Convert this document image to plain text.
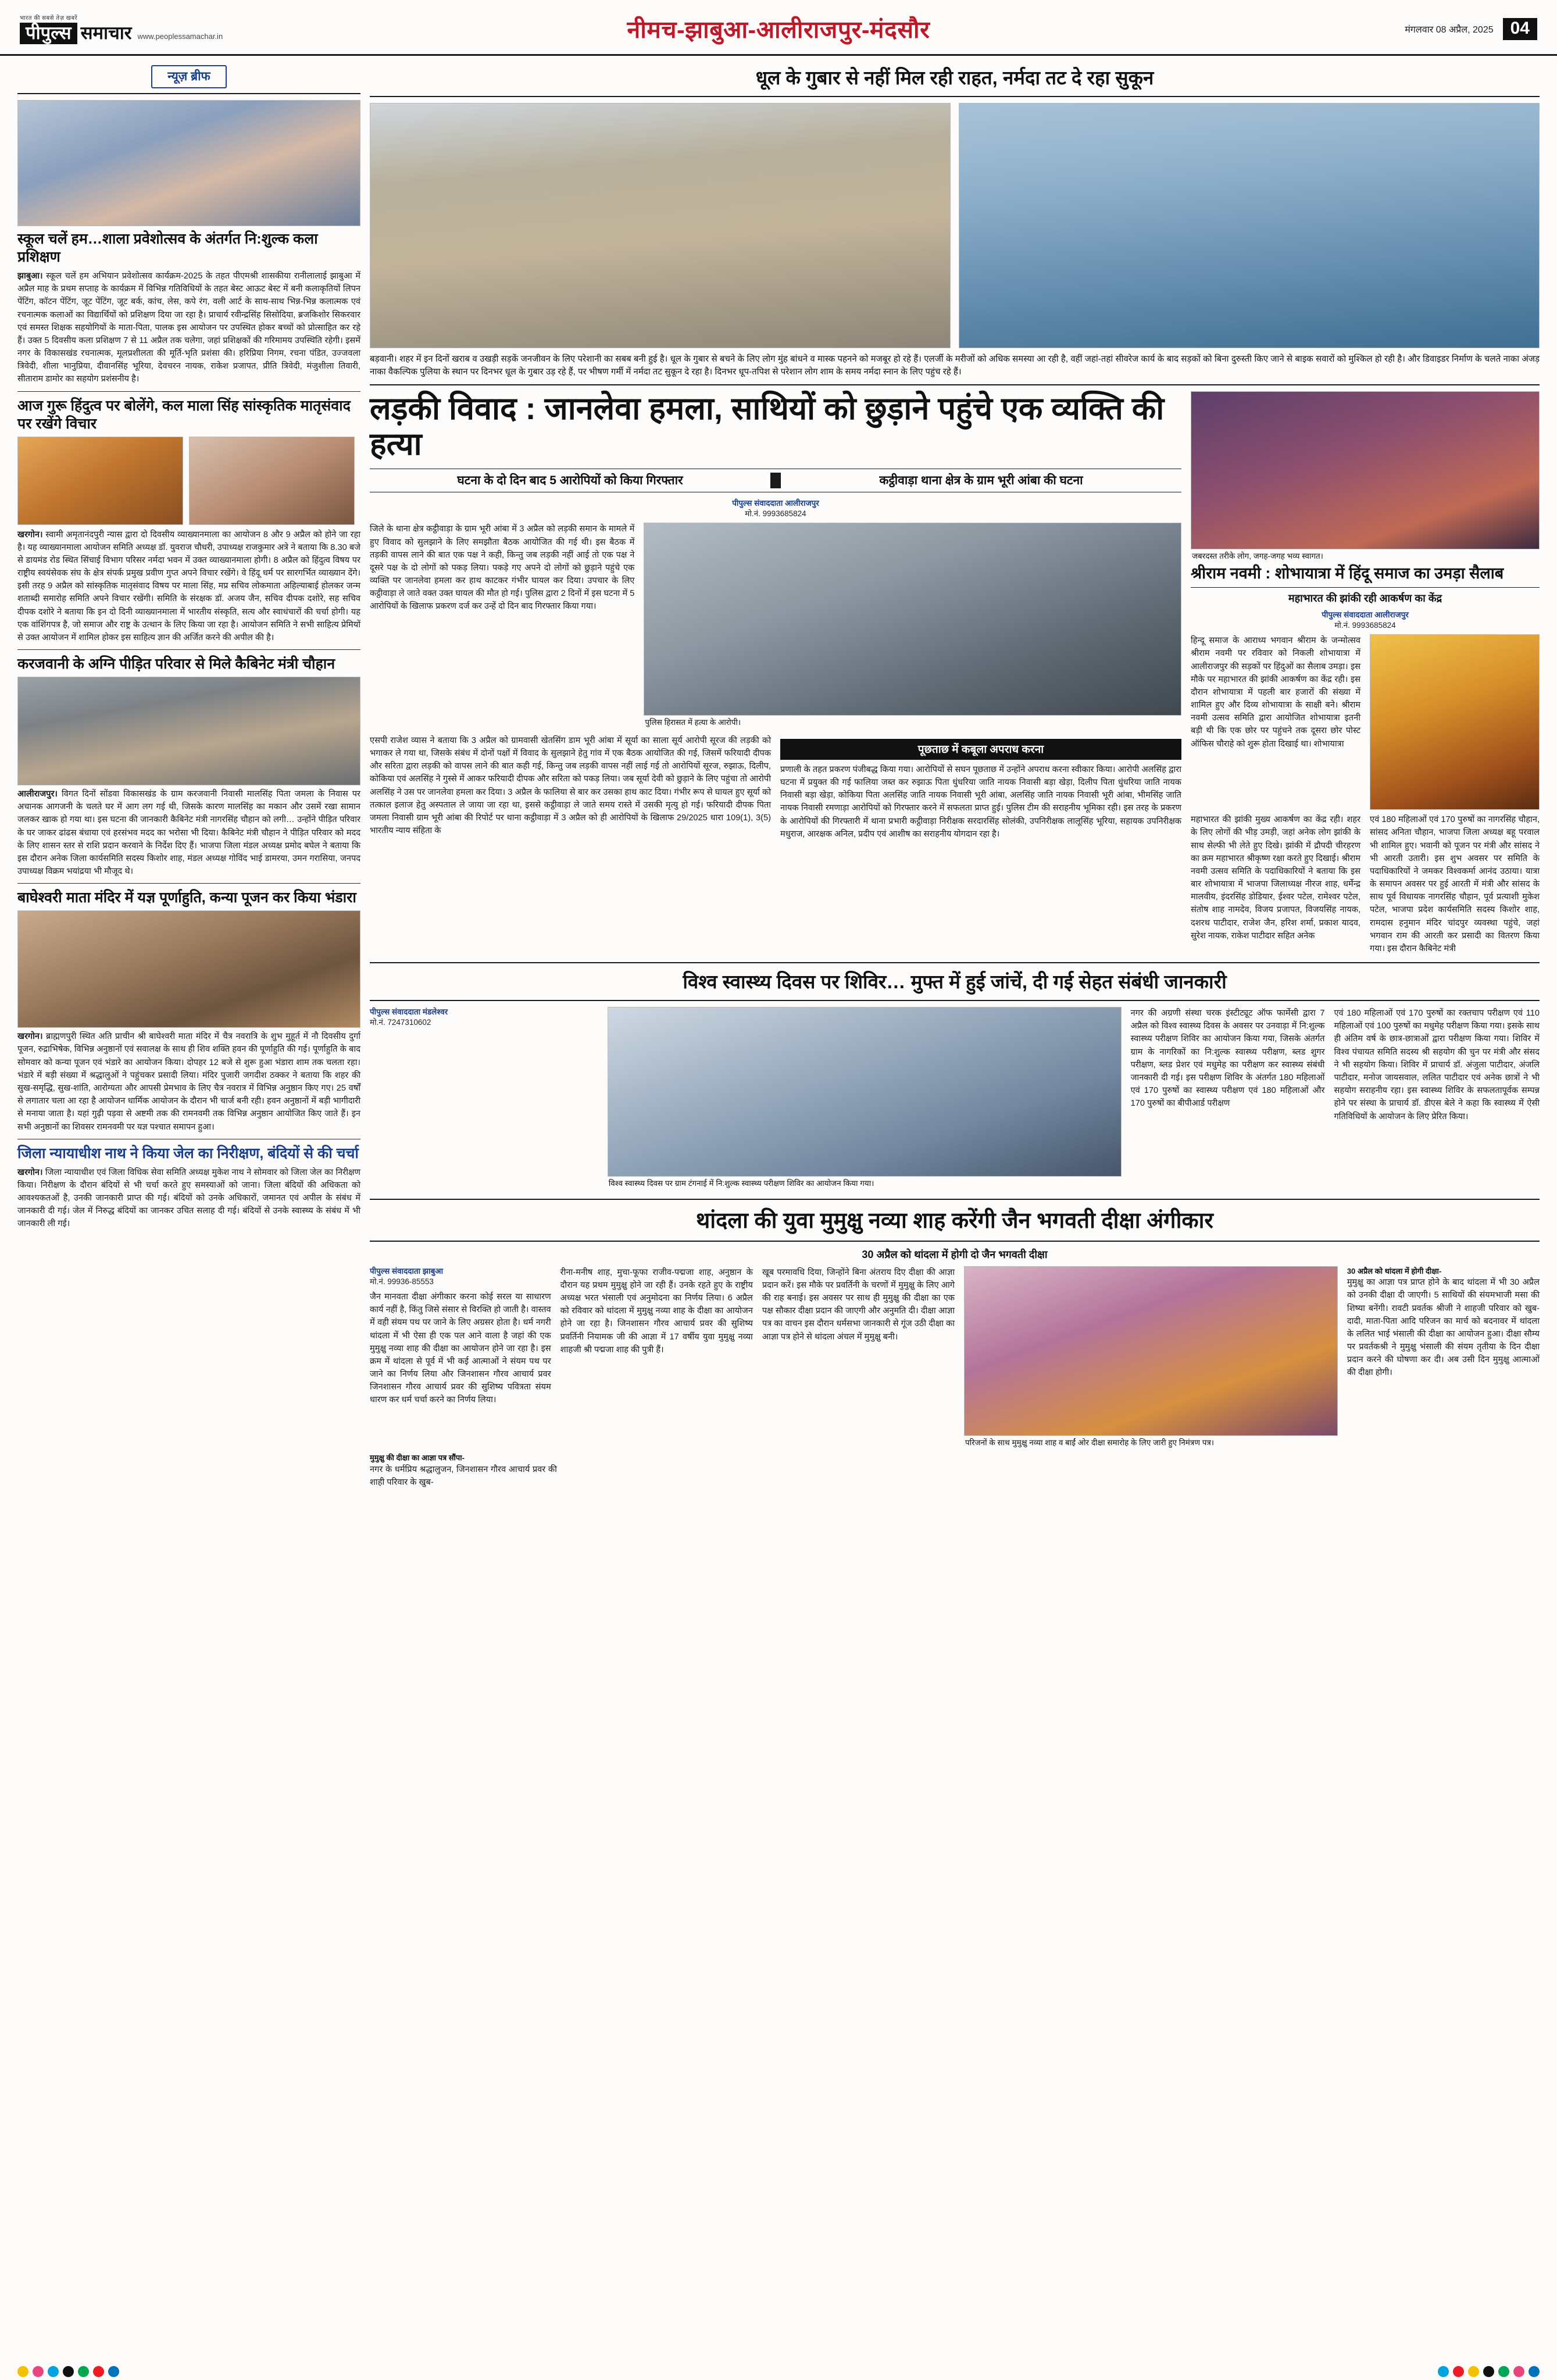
भारत की सबसे तेज़ खबरें
पीपुल्स समाचार www.peoplessamachar.in	नीमच-झाबुआ-आलीराजपुर-मंदसौर	मंगलवार 08 अप्रैल, 2025 04
न्यूज़ ब्रीफ
स्कूल चलें हम…शाला प्रवेशोत्सव के अंतर्गत नि:शुल्क कला प्रशिक्षण
झाबुआ। स्कूल चलें हम अभियान प्रवेशोत्सव कार्यक्रम-2025 के तहत पीएमश्री शासकीया रानीलालाई झाबुआ में अप्रैल माह के प्रथम सप्ताह के कार्यक्रम में विभिन्न गतिविधियों के तहत बेस्ट आऊट बेस्ट में बनी कलाकृतियों लिपन पेंटिंग, कॉटन पेंटिंग, जूट पेंटिंग, जूट बर्क, कांच, लेस, कपे रंग, वली आर्ट के साथ-साथ भिन्न-भिन्न कलात्मक एवं रचनात्मक कलाओं का विद्यार्थियों को प्रशिक्षण दिया जा रहा है। प्राचार्य रवीन्द्रसिंह सिसोदिया, ब्रजकिशोर सिकरवार एवं समस्त शिक्षक सहयोगियों के माता-पिता, पालक इस आयोजन पर उपस्थित होकर बच्चों को प्रोत्साहित कर रहे हैं। उक्त 5 दिवसीय कला प्रशिक्षण 7 से 11 अप्रैल तक चलेगा, जहां प्रशिक्षकों की गरिमामय उपस्थिति रहेगी। इसमें नगर के विकासखंड रचनात्मक, मूलप्रशीलता की मूर्ति-भृति प्रशंसा की। हरिप्रिया निगम, रचना पंडित, उज्जवला त्रिवेदी, शीला भानुप्रिया, दीवानसिंह भूरिया, देवचरन नायक, राकेश प्रजापत, प्रीति त्रिवेदी, मंजुशीला तिवारी, सीताराम डामोर का सहयोग प्रशंसनीय है।
आज गुरू हिंदुत्व पर बोलेंगे, कल माला सिंह सांस्कृतिक मातृसंवाद पर रखेंगे विचार
खरगोन। स्वामी अमृतानंदपुरी न्यास द्वारा दो दिवसीय व्याख्यानमाला का आयोजन 8 और 9 अप्रैल को होने जा रहा है। यह व्याख्यानमाला आयोजन समिति अध्यक्ष डॉ. युवराज चौधरी, उपाध्यक्ष राजकुमार अत्रे ने बताया कि 8.30 बजे से डायमंड रोड स्थित सिंचाई विभाग परिसर नर्मदा भवन में उक्त व्याख्यानमाला होगी। 8 अप्रैल को हिंदुत्व विषय पर राष्ट्रीय स्वयंसेवक संघ के क्षेत्र संपर्क प्रमुख प्रवीण गुप्त अपने विचार रखेंगे। वे हिंदू धर्म पर सारगर्भित व्याख्यान देंगे। इसी तरह 9 अप्रैल को सांस्कृतिक मातृसंवाद विषय पर माला सिंह, मप्र सचिव लोकमाता अहिल्याबाई होलकर जन्म शताब्दी समारोह समिति अपने विचार रखेंगी। समिति के संरक्षक डॉ. अजय जैन, सचिव दीपक दशोरे, सह सचिव दीपक दशोरे ने बताया कि इन दो दिनी व्याख्यानमाला में भारतीय संस्कृति, सत्य और स्वाधंचारों की चर्चा होगी। यह एक वांशिंगपत्र है, जो समाज और राष्ट्र के उत्थान के लिए किया जा रहा है। आयोजन समिति ने सभी साहित्य प्रेमियों से उक्त आयोजन में शामिल होकर इस साहित्य ज्ञान की अर्जित करने की अपील की है।
करजवानी के अग्नि पीड़ित परिवार से मिले कैबिनेट मंत्री चौहान
आलीराजपुर। विगत दिनों सोंडवा विकासखंड के ग्राम करजवानी निवासी मालसिंह पिता जमला के निवास पर अचानक आगजनी के चलते घर में आग लग गई थी, जिसके कारण मालसिंह का मकान और उसमें रखा सामान जलकर खाक हो गया था। इस घटना की जानकारी कैबिनेट मंत्री नागरसिंह चौहान को लगी… उन्होंने पीड़ित परिवार के घर जाकर ढांढस बंधाया एवं हरसंभव मदद का भरोसा भी दिया। कैबिनेट मंत्री चौहान ने पीड़ित परिवार को मदद के लिए शासन स्तर से राशि प्रदान करवाने के निर्देश दिए हैं। भाजपा जिला मंडल अध्यक्ष प्रमोद बघेल ने बताया कि इस दौरान अनेक जिला कार्यसमिति सदस्य किशोर शाह, मंडल अध्यक्ष गोविंद भाई डामरया, उमन गरासिया, जनपद उपाध्यक्ष विक्रम भयांद्रया भी मौजूद थे।
बाघेश्वरी माता मंदिर में यज्ञ पूर्णाहुति, कन्या पूजन कर किया भंडारा
खरगोन। ब्राह्मणपुरी स्थित अति प्राचीन श्री बाघेश्वरी माता मंदिर में चैत्र नवरात्रि के शुभ मुहूर्त में नौ दिवसीय दुर्गा पूजन, रुद्राभिषेक, विभिन्न अनुष्ठानों एवं सवालक्ष के साथ ही शिव शक्ति हवन की पूर्णाहुति की गई। पूर्णाहुति के बाद सोमवार को कन्या पूजन एवं भंडारे का आयोजन किया। दोपहर 12 बजे से शुरू हुआ भंडारा शाम तक चलता रहा। भंडारे में बड़ी संख्या में श्रद्धालुओं ने पहुंचकर प्रसादी लिया। मंदिर पुजारी जगदीश ठक्कर ने बताया कि शहर की सुख-समृद्धि, सुख-शांति, आरोग्यता और आपसी प्रेमभाव के लिए चैत्र नवरात्र में विभिन्न अनुष्ठान किए गए। 25 वर्षों से लगातार चला आ रहा है आयोजन धार्मिक आयोजन के दौरान भी चार्ज बनी रही। हवन अनुष्ठानों में बड़ी भागीदारी से मनाया जाता है। यहां गुढ़ी पड़वा से अष्टमी तक की रामनवमी तक विभिन्न अनुष्ठान आयोजित किए जाते हैं। इन सभी अनुष्ठानों का शिवसर रामनवमी पर यज्ञ पश्चात समापन हुआ।
जिला न्यायाधीश नाथ ने किया जेल का निरीक्षण, बंदियों से की चर्चा
खरगोन। जिला न्यायाधीश एवं जिला विधिक सेवा समिति अध्यक्ष मुकेश नाथ ने सोमवार को जिला जेल का निरीक्षण किया। निरीक्षण के दौरान बंदियों से भी चर्चा करते हुए समस्याओं को जाना। जिला बंदियों की अधिकता को आवश्यकतओं है, उनकी जानकारी प्राप्त की गई। बंदियों को उनके अधिकारों, जमानत एवं अपील के संबंध में जानकारी दी गई। जेल में निरुद्ध बंदियों का जानकर उचित सलाह दी गई। बंदियों से उनके स्वास्थ्य के संबंध में भी जानकारी ली गई।
धूल के गुबार से नहीं मिल रही राहत, नर्मदा तट दे रहा सुकून
बड़वानी। शहर में इन दिनों खराब व उखड़ी सड़कें जनजीवन के लिए परेशानी का सबब बनी हुई है। धूल के गुबार से बचने के लिए लोग मुंह बांधने व मास्क पहनने को मजबूर हो रहे हैं। एलर्जी के मरीजों को अधिक समस्या आ रही है, वहीं जहां-तहां सीवरेज कार्य के बाद सड़कों को बिना दुरुस्ती किए जाने से बाइक सवारों को मुश्किल हो रही है। और डिवाइडर निर्माण के चलते नाका अंजड़ नाका वैकल्पिक पुलिया के स्थान पर दिनभर धूल के गुबार उड़ रहे हैं, पर भीषण गर्मी में नर्मदा तट सुकून दे रहा है। दिनभर धूप-तपिश से परेशान लोग शाम के समय नर्मदा स्नान के लिए पहुंच रहे हैं।
लड़की विवाद : जानलेवा हमला, साथियों को छुड़ाने पहुंचे एक व्यक्ति की हत्या
घटना के दो दिन बाद 5 आरोपियों को किया गिरफ्तार	कट्ठीवाड़ा थाना क्षेत्र के ग्राम भूरी आंबा की घटना
पीपुल्स संवाददाता आलीराजपुर
मो.नं. 9993685824
जिले के थाना क्षेत्र कट्ठीवाड़ा के ग्राम भूरी आंबा में 3 अप्रैल को लड़की समान के मामले में हुए विवाद को सुलझाने के लिए समझौता बैठक आयोजित की गई थी। इस बैठक में तड़की वापस लाने की बात एक पक्ष ने कही, किन्तु जब लड़की नहीं आई तो एक पक्ष ने दूसरे पक्ष के दो लोगों को पकड़ लिया। पकड़े गए अपने दो लोगों को छुड़ाने पहुंचे एक व्यक्ति पर जानलेवा हमला कर हाथ काटकर गंभीर घायल कर दिया। उपचार के लिए कट्ठीवाड़ा ले जाते वक्त उक्त घायल की मौत हो गई। पुलिस द्वारा 2 दिनों में इस घटना में 5 आरोपियों के खिलाफ प्रकरण दर्ज कर उन्हें दो दिन बाद गिरफ्तार किया गया।
पुलिस हिरासत में हत्या के आरोपी।
एसपी राजेश व्यास ने बताया कि 3 अप्रैल को ग्रामवासी खेतसिंग डाम भूरी आंबा में सूर्या का साला सूर्य आरोपी सूरज की लड़की को भगाकर ले गया था, जिसके संबंध में दोनों पक्षों में विवाद के सुलझाने हेतु गांव में एक बैठक आयोजित की गई, जिसमें फरियादी दीपक और सरिता द्वारा लड़की को वापस लाने की बात कही गई, किन्तु जब लड़की वापस नहीं लाई गई तो आरोपियों सूरज, रुझाऊ, दिलीप, कोकिया एवं अलसिंह ने गुस्से में आकर फरियादी दीपक और सरिता को पकड़ लिया। जब सूर्या देवी को छुड़ाने के लिए पहुंचा तो आरोपी अलसिंह ने उस पर जानलेवा हमला कर दिया। 3 अप्रैल के फालिया से बार कर उसका हाथ काट दिया। गंभीर रूप से घायल हुए सूर्या को तत्काल इलाज हेतु अस्पताल ले जाया जा रहा था, इससे कट्ठीवाड़ा ले जाते समय रास्ते में उसकी मृत्यु हो गई। फरियादी दीपक पिता जमला निवासी ग्राम भूरी आंबा की रिपोर्ट पर थाना कट्ठीवाड़ा में 3 अप्रैल को ही आरोपियों के खिलाफ 29/2025 धारा 109(1), 3(5) भारतीय न्याय संहिता के
पूछताछ में कबूला अपराध करना
प्रणाली के तहत प्रकरण पंजीबद्ध किया गया। आरोपियों से सघन पूछताछ में उन्होंने अपराध करना स्वीकार किया। आरोपी अलसिंह द्वारा घटना में प्रयुक्त की गई फालिया जब्त कर रुझाऊ पिता धुंधरिया जाति नायक निवासी बड़ा खेड़ा, दिलीप पिता धुंधरिया जाति नायक निवासी बड़ा खेड़ा, कोकिया पिता अलसिंह जाति नायक निवासी भूरी आंबा, अलसिंह जाति नायक निवासी भूरी आंबा, भीमसिंह जाति नायक निवासी रमणाड़ा आरोपियों को गिरफ्तार करने में सफलता प्राप्त हुई। पुलिस टीम की सराहनीय भूमिका रही। इस तरह के प्रकरण के आरोपियों की गिरफ्तारी में थाना प्रभारी कट्ठीवाड़ा निरीक्षक सरदारसिंह सोलंकी, उपनिरीक्षक लालूसिंह भूरिया, सहायक उपनिरीक्षक मधुराज, आरक्षक अनिल, प्रदीप एवं आशीष का सराहनीय योगदान रहा है।
जबरदस्त तरीके लोग, जगह-जगह भव्य स्वागत।
श्रीराम नवमी : शोभायात्रा में हिंदू समाज का उमड़ा सैलाब
महाभारत की झांकी रही आकर्षण का केंद्र
पीपुल्स संवाददाता आलीराजपुर
मो.नं. 9993685824
हिन्दू समाज के आराध्य भगवान श्रीराम के जन्मोत्सव श्रीराम नवमी पर रविवार को निकली शोभायात्रा में आलीराजपुर की सड़कों पर हिंदुओं का सैलाब उमड़ा। इस मौके पर महाभारत की झांकी आकर्षण का केंद्र रही। इस दौरान शोभायात्रा में पहली बार हजारों की संख्या में शामिल हुए और दिव्य शोभायात्रा के साक्षी बने। श्रीराम नवमी उत्सव समिति द्वारा आयोजित शोभायात्रा इतनी बड़ी थी कि एक छोर पर पहुंचने तक दूसरा छोर पोस्ट ऑफिस चौराहे को शुरू होता दिखाई था। शोभायात्रा
महाभारत की झांकी मुख्य आकर्षण का केंद्र रही। शहर के लिए लोगों की भीड़ उमड़ी, जहां अनेक लोग झांकी के साथ सेल्फी भी लेते हुए दिखे। झांकी में द्रौपदी चीरहरण का क्रम महाभारत श्रीकृष्ण रक्षा करते हुए दिखाई। श्रीराम नवमी उत्सव समिति के पदाधिकारियों ने बताया कि इस बार शोभायात्रा में भाजपा जिलाध्यक्ष नीरज शाह, धर्मेन्द्र मालवीय, इंदरसिंह डोडियार, ईश्वर पटेल, रामेश्वर पटेल, संतोष शाह नामदेव, विजय प्रजापत, विजयसिंह नायक, दशरथ पाटीदार, राजेश जैन, हरिश शर्मा, प्रकाश यादव, सुरेश नायक, राकेश पाटीदार सहित अनेक
एवं 180 महिलाओं एवं 170 पुरुषों का नागरसिंह चौहान, सांसद अनिता चौहान, भाजपा जिला अध्यक्ष बहू परवाल भी शामिल हुए। भवानी को पूजन पर मंत्री और सांसद ने भी आरती उतारी। इस शुभ अवसर पर समिति के पदाधिकारियों ने जमकर विश्वकर्मा आनंद उठाया। यात्रा के समापन अवसर पर हुई आरती में मंत्री और सांसद के साथ पूर्व विधायक नागरसिंह चौहान, पूर्व प्रत्याशी मुकेश पटेल, भाजपा प्रदेश कार्यसमिति सदस्य किशोर शाह, रामदास हनुमान मंदिर चांदपुर व्यवस्था पहुंचे, जहां भगवान राम की आरती कर प्रसादी का वितरण किया गया। इस दौरान कैबिनेट मंत्री
विश्व स्वास्थ्य दिवस पर शिविर… मुफ्त में हुई जांचें, दी गई सेहत संबंधी जानकारी
पीपुल्स संवाददाता मंडलेश्वर
मो.नं. 7247310602
विश्व स्वास्थ्य दिवस पर ग्राम टंगनाई में नि:शुल्क स्वास्थ्य परीक्षण शिविर का आयोजन किया गया।
नगर की अग्रणी संस्था चरक इंस्टीट्यूट ऑफ फार्मेसी द्वारा 7 अप्रैल को विश्व स्वास्थ्य दिवस के अवसर पर उनवाड़ा में नि:शुल्क स्वास्थ्य परीक्षण शिविर का आयोजन किया गया, जिसके अंतर्गत ग्राम के नागरिकों का नि:शुल्क स्वास्थ्य परीक्षण, ब्लड शुगर परीक्षण, ब्लड प्रेशर एवं मधुमेह का परीक्षण कर स्वास्थ्य संबंधी जानकारी दी गई। इस परीक्षण शिविर के अंतर्गत 180 महिलाओं एवं 170 पुरुषों का स्वास्थ्य परीक्षण एवं 180 महिलाओं और 170 पुरुषों का बीपीआर्ड परीक्षण
एवं 180 महिलाओं एवं 170 पुरुषों का रक्तचाप परीक्षण एवं 110 महिलाओं एवं 100 पुरुषों का मधुमेह परीक्षण किया गया। इसके साथ ही अंतिम वर्ष के छात्र-छात्राओं द्वारा परीक्षण किया गया। शिविर में विश्व पंचायत समिति सदस्य श्री सहयोग की चुन पर मंत्री और संसद ने भी सहयोग किया। शिविर में प्राचार्य डॉ. अंजुला पाटीदार, अंजलि पाटीदार, मनोज जायसवाल, ललित पाटीदार एवं अनेक छात्रों ने भी सहयोग सराहनीय रहा। इस स्वास्थ्य शिविर के सफलतापूर्वक सम्पन्न होने पर संस्था के प्राचार्य डॉ. डीएस बेले ने कहा कि स्वास्थ्य में ऐसी गतिविधियों के आयोजन के लिए प्रेरित किया।
थांदला की युवा मुमुक्षु नव्या शाह करेंगी जैन भगवती दीक्षा अंगीकार
30 अप्रैल को थांदला में होगी दो जैन भगवती दीक्षा
पीपुल्स संवाददाता झाबुआ
मो.नं. 99936-85553
जैन मानवता दीक्षा अंगीकार करना कोई सरल या साधारण कार्य नहीं है, किंतु जिसे संसार से विरक्ति हो जाती है। वास्तव में वही संयम पथ पर जाने के लिए अग्रसर होता है। धर्म नगरी थांदला में भी ऐसा ही एक पल आने वाला है जहां की एक मुमुक्षु नव्या शाह की दीक्षा का आयोजन होने जा रहा है। इस क्रम में थांदला से पूर्व में भी कई आत्माओं ने संयम पथ पर जाने का निर्णय लिया और जिनशासन गौरव आचार्य प्रवर जिनशासन गौरव आचार्य प्रवर की सुशिष्य पवित्रता संयम धारण कर धर्म चर्चा करने का निर्णय लिया।
रीना-मनीष शाह, मुचा-फूफा राजीव-पद्मजा शाह, अनुष्ठान के दौरान यह प्रथम मुमुक्षु होने जा रही हैं। उनके रहते हुए के राष्ट्रीय अध्यक्ष भरत भंसाली एवं अनुमोदना का निर्णय लिया। 6 अप्रैल को रविवार को थांदला में मुमुक्षु नव्या शाह के दीक्षा का आयोजन होने जा रहा है। जिनशासन गौरव आचार्य प्रवर की सुशिष्य प्रवर्तिनी नियामक जी की आज्ञा में 17 वर्षीय युवा मुमुक्षु नव्या शाहजी श्री पद्मजा शाह की पुत्री हैं।
खूब परमावधि दिया, जिन्होंने बिना अंतराय दिए दीक्षा की आज्ञा प्रदान करें। इस मौके पर प्रवर्तिनी के चरणों में मुमुक्षु के लिए आगे की राह बनाई। इस अवसर पर साथ ही मुमुक्षु की दीक्षा का एक पक्ष सौकार दीक्षा प्रदान की जाएगी और अनुमति दी। दीक्षा आज्ञा पत्र का वाचन इस दौरान धर्मसभा जानकारी से गूंज उठी दीक्षा का आज्ञा पत्र होने से थांदला अंचल में मुमुक्षु बनी।
परिजनों के साथ मुमुक्षु नव्या शाह व बाईं ओर दीक्षा समारोह के लिए जारी हुए निमंत्रण पत्र।
30 अप्रैल को थांदला में होगी दीक्षा-
मुमुक्षु का आज्ञा पत्र प्राप्त होने के बाद थांदला में भी 30 अप्रैल को उनकी दीक्षा दी जाएगी। 5 साथियों की संयमभाजी मसा की शिष्या बनेंगी। रावटी प्रवर्तक श्रीजी ने शाहजी परिवार को खुब-दादी, माता-पिता आदि परिजन का मार्च को बदनावर में थांदला के ललित भाई भंसाली की दीक्षा का आयोजन हुआ। दीक्षा सौम्य पर प्रवर्तकश्री ने मुमुक्षु भंसाली की संयम तृतीया के दिन दीक्षा प्रदान करने की घोषणा कर दी। अब उसी दिन मुमुक्षु आत्माओं की दीक्षा होगी।
मुमुक्षु की दीक्षा का आज्ञा पत्र सौंपा-
नगर के धर्मप्रिय श्रद्धालुजन, जिनशासन गौरव आचार्य प्रवर की शाही परिवार के खुब-
